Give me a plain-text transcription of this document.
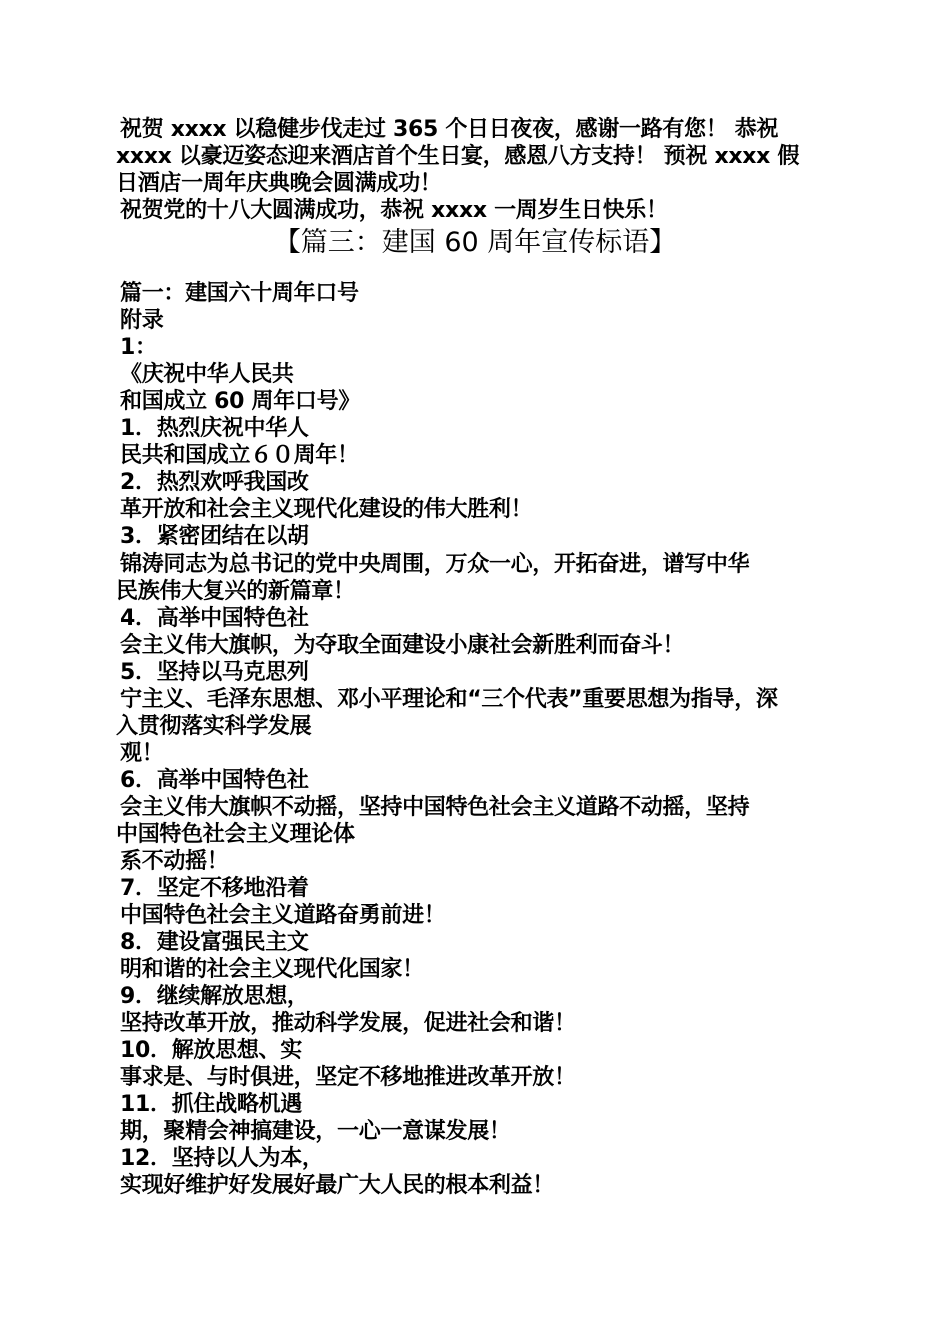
祝贺 xxxx 以稳健步伐走过 365 个日日夜夜，感谢一路有您！ 恭祝
xxxx 以豪迈姿态迎来酒店首个生日宴，感恩八方支持！ 预祝 xxxx 假
日酒店一周年庆典晚会圆满成功！
祝贺党的十八大圆满成功，恭祝 xxxx 一周岁生日快乐！
【篇三：建国 60 周年宣传标语】
篇一：建国六十周年口号
附录
1：
《庆祝中华人民共
和国成立 60 周年口号》
1．热烈庆祝中华人
民共和国成立６０周年！
2．热烈欢呼我国改
革开放和社会主义现代化建设的伟大胜利！
3．紧密团结在以胡
锦涛同志为总书记的党中央周围，万众一心，开拓奋进，谱写中华
民族伟大复兴的新篇章！
4．高举中国特色社
会主义伟大旗帜，为夺取全面建设小康社会新胜利而奋斗！
5．坚持以马克思列
宁主义、毛泽东思想、邓小平理论和“三个代表”重要思想为指导，深
入贯彻落实科学发展
观！
6．高举中国特色社
会主义伟大旗帜不动摇，坚持中国特色社会主义道路不动摇，坚持
中国特色社会主义理论体
系不动摇！
7．坚定不移地沿着
中国特色社会主义道路奋勇前进！
8．建设富强民主文
明和谐的社会主义现代化国家！
9．继续解放思想，
坚持改革开放，推动科学发展，促进社会和谐！
10．解放思想、实
事求是、与时俱进，坚定不移地推进改革开放！
11．抓住战略机遇
期，聚精会神搞建设，一心一意谋发展！
12．坚持以人为本，
实现好维护好发展好最广大人民的根本利益！
